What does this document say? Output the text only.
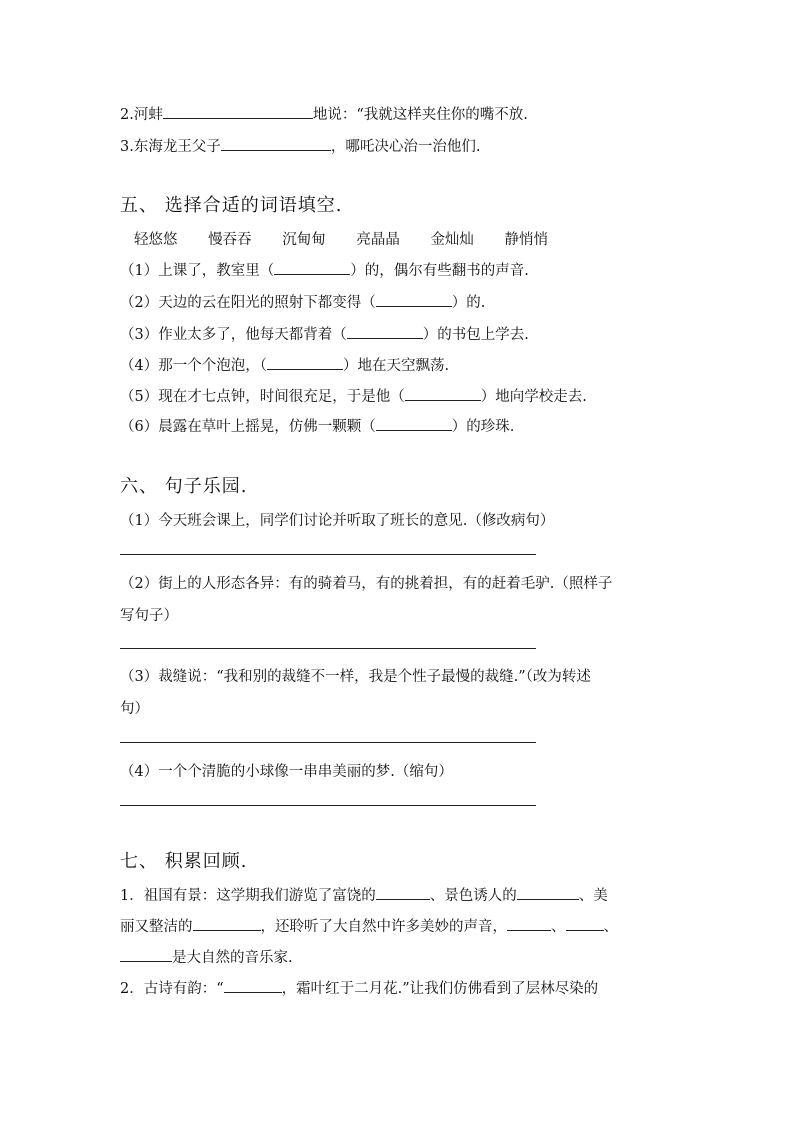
2.河蚌	地说：“我就这样夹住你的嘴不放.
3.东海龙王父子	，哪吒决心治一治他们.
五、 选择合适的词语填空.
轻悠悠 慢吞吞 沉甸甸 亮晶晶 金灿灿 静悄悄
（1）上课了，教室里（	）的，偶尔有些翻书的声音.
（2）天边的云在阳光的照射下都变得（	）的.
（3）作业太多了，他每天都背着（	）的书包上学去.
（4）那一个个泡泡，（	）地在天空飘荡.
（5）现在才七点钟，时间很充足，于是他（	）地向学校走去.
（6）晨露在草叶上摇晃，仿佛一颗颗（	）的珍珠.
六、 句子乐园.
（1）今天班会课上，同学们讨论并听取了班长的意见.（修改病句）
（2）街上的人形态各异：有的骑着马，有的挑着担，有的赶着毛驴.（照样子
写句子）
（3）裁缝说：“我和别的裁缝不一样，我是个性子最慢的裁缝.”（改为转述
句）
（4）一个个清脆的小球像一串串美丽的梦.（缩句）
七、 积累回顾.
1．祖国有景：这学期我们游览了富饶的	、景色诱人的	、美
丽又整洁的	，还聆听了大自然中许多美妙的声音，	、	、
是大自然的音乐家.
2．古诗有韵：“	，霜叶红于二月花.”让我们仿佛看到了层林尽染的
